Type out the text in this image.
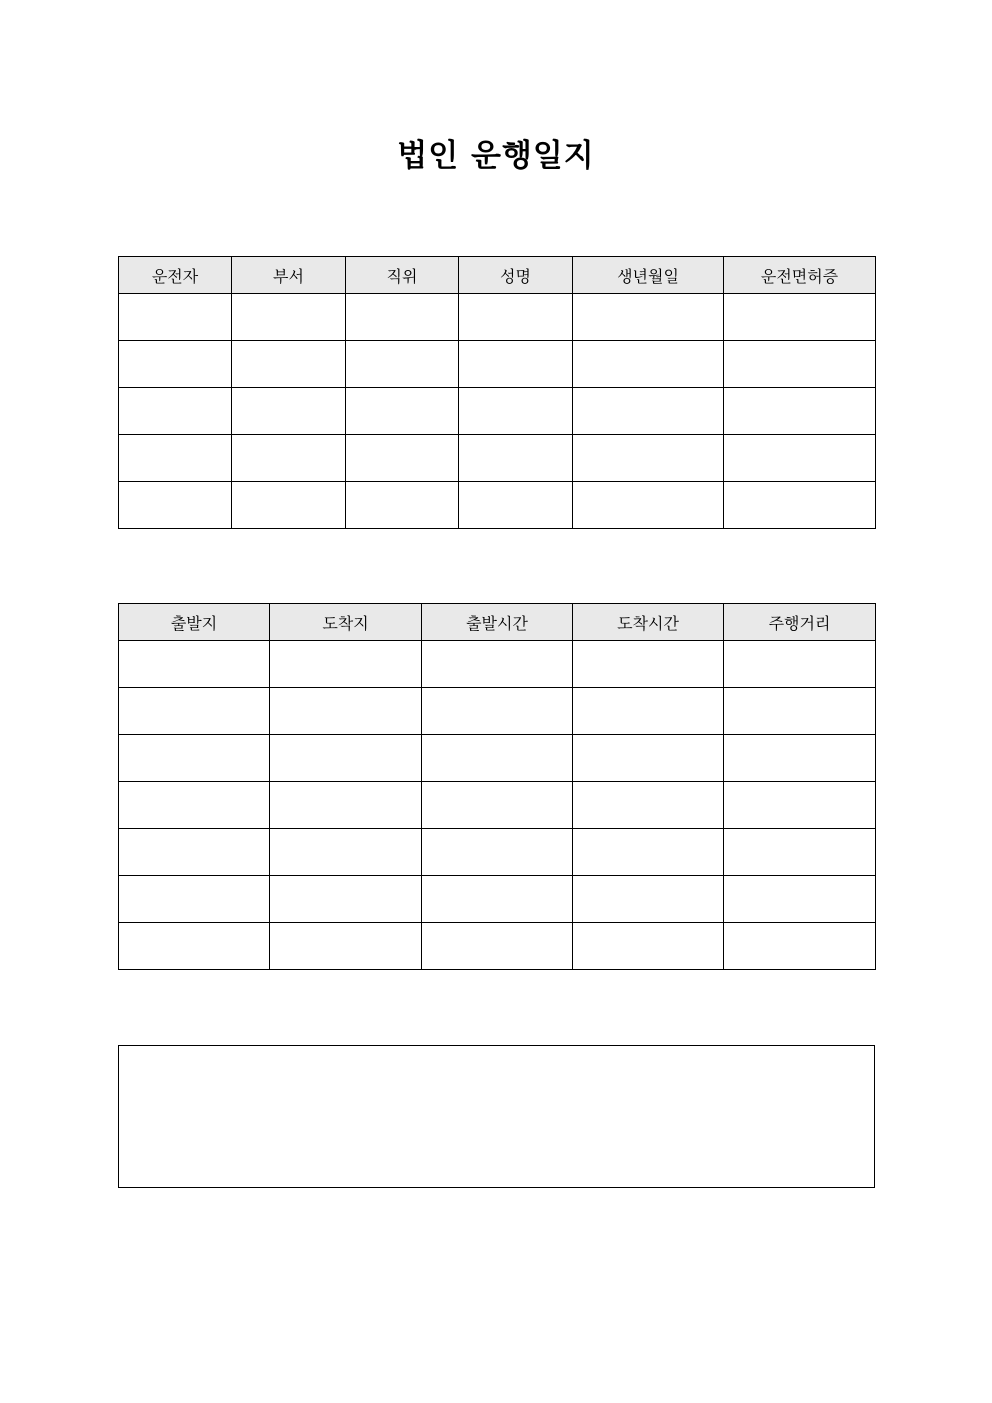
법인 운행일지
운전자	부서	직위	성명	생년월일	운전면허증

출발지	도착지	출발시간	도착시간	주행거리
